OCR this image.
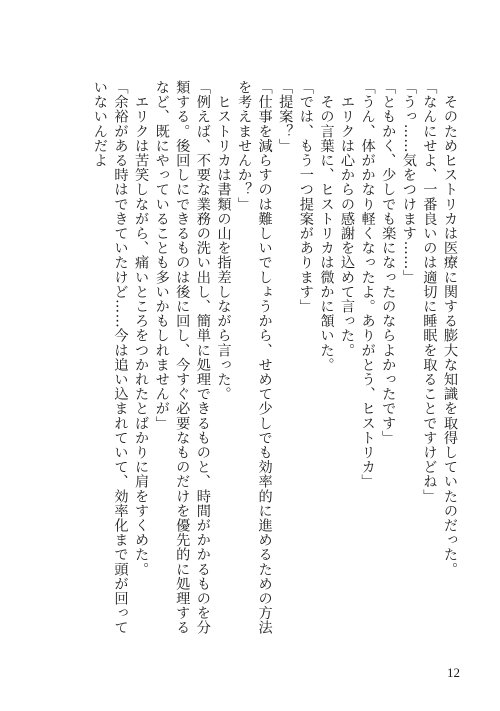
　そのためヒストリカは医療に関する膨大な知識を取得していたのだった。

「なんにせよ、一番良いのは適切に睡眠を取ることですけどね」

「うっ……気をつけます……」

「ともかく、少しでも楽になったのならよかったです」

「うん、体がかなり軽くなったよ。ありがとう、ヒストリカ」

　エリクは心からの感謝を込めて言った。

　その言葉に、ヒストリカは微かに頷いた。

「では、もう一つ提案があります」

「提案？」

「仕事を減らすのは難しいでしょうから、せめて少しでも効率的に進めるための方法を考えませんか？」

　ヒストリカは書類の山を指差しながら言った。

「例えば、不要な業務の洗い出し、簡単に処理できるものと、時間がかかるものを分類する。後回しにできるものは後に回し、今すぐ必要なものだけを優先的に処理するなど、既にやっていることも多いかもしれませんが」

　エリクは苦笑しながら、痛いところをつかれたとばかりに肩をすくめた。

「余裕がある時はできていたけど……今は追い込まれていて、効率化まで頭が回っていないんだよ

12
